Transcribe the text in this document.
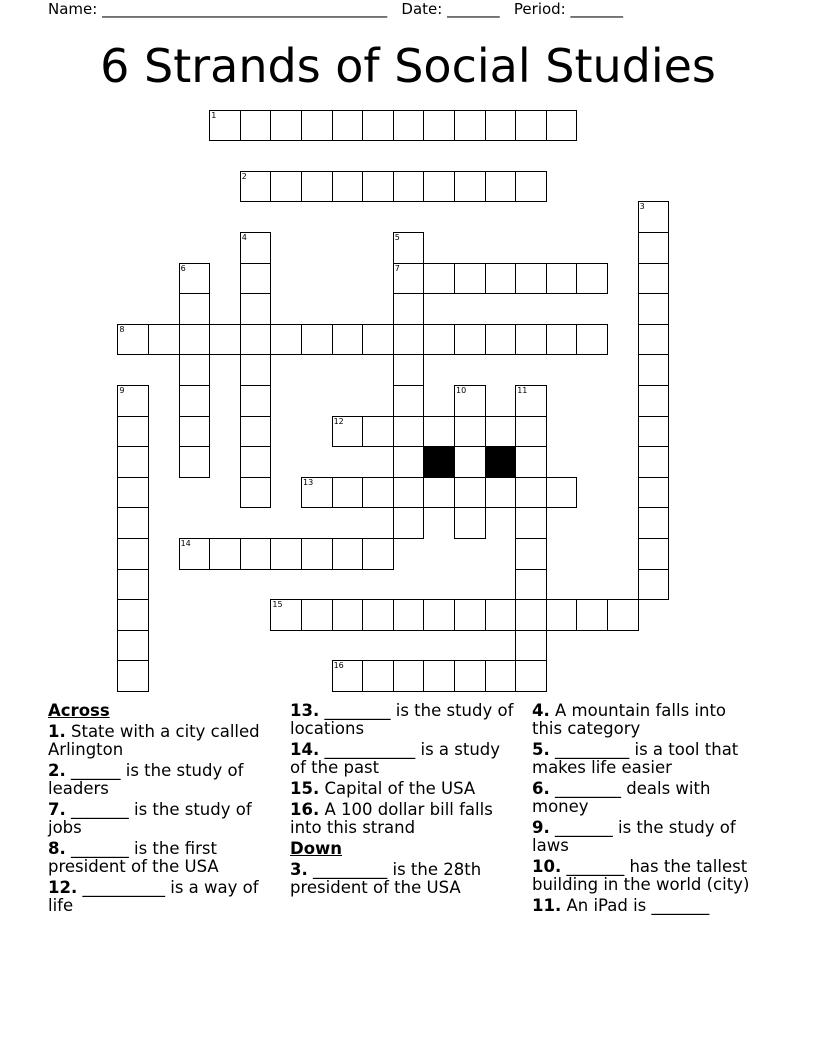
Name: ______________________________________ Date: _______ Period: _______
6 Strands of Social Studies
1
2
3
4	5
7
6
8
9	10	11
12
13
14
15
16
Across
1. State with a city called Arlington
2. ______ is the study of leaders
7. _______ is the study of jobs
8. _______ is the first president of the USA
12. __________ is a way of life
13. ________ is the study of locations
14. ___________ is a study of the past
15. Capital of the USA
16. A 100 dollar bill falls into this strand
Down
3. _________ is the 28th president of the USA
4. A mountain falls into this category
5. _________ is a tool that makes life easier
6. ________ deals with money
9. _______ is the study of laws
10. _______ has the tallest building in the world (city)
11. An iPad is _______
